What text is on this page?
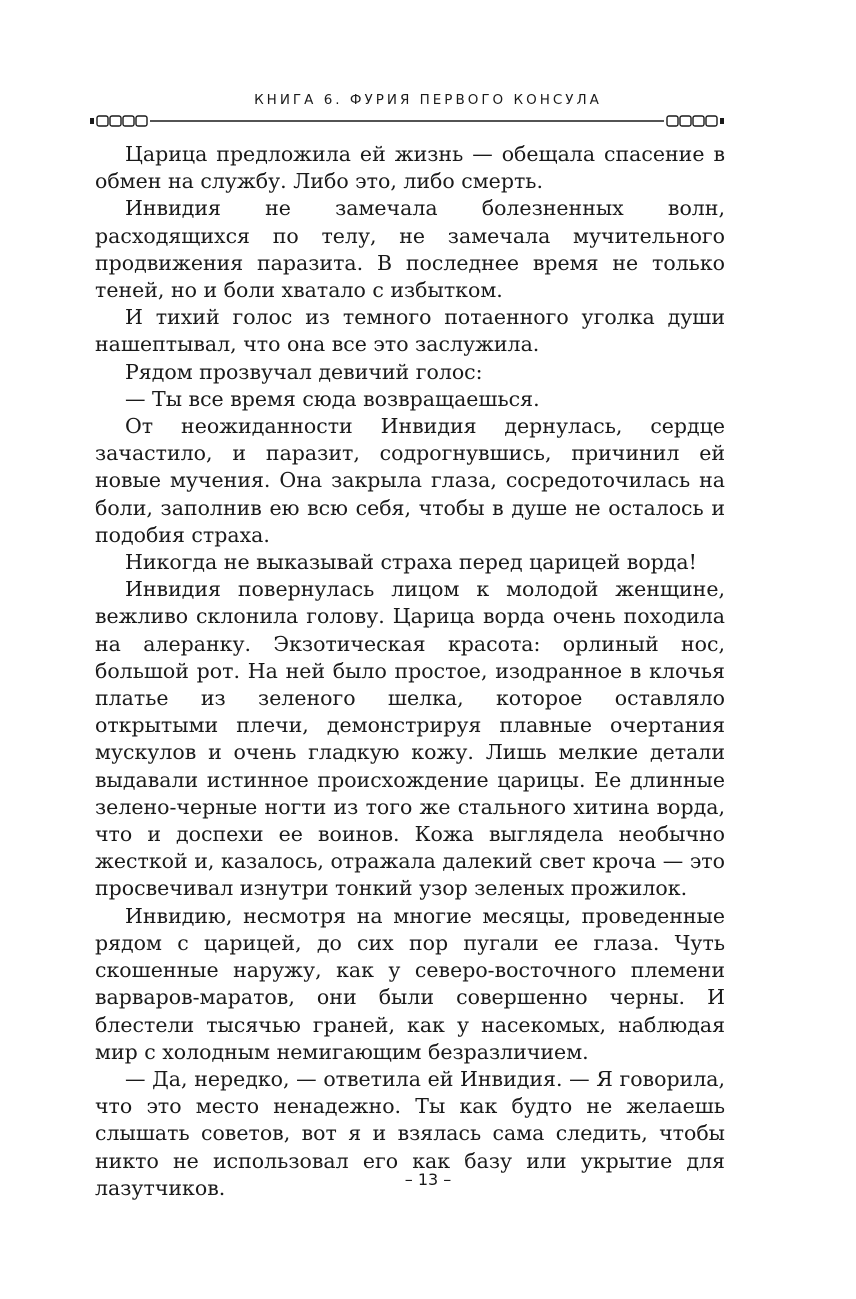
КНИГА 6. ФУРИЯ ПЕРВОГО КОНСУЛА

Царица предложила ей жизнь — обещала спасение в обмен на службу. Либо это, либо смерть.

Инвидия не замечала болезненных волн, расходящихся по телу, не замечала мучительного продвижения паразита. В последнее время не только теней, но и боли хватало с избытком.

И тихий голос из темного потаенного уголка души нашептывал, что она все это заслужила.

Рядом прозвучал девичий голос:

— Ты все время сюда возвращаешься.

От неожиданности Инвидия дернулась, сердце зачастило, и паразит, содрогнувшись, причинил ей новые мучения. Она закрыла глаза, сосредоточилась на боли, заполнив ею всю себя, чтобы в душе не осталось и подобия страха.

Никогда не выказывай страха перед царицей ворда!

Инвидия повернулась лицом к молодой женщине, вежливо склонила голову. Царица ворда очень походила на алеранку. Экзотическая красота: орлиный нос, большой рот. На ней было простое, изодранное в клочья платье из зеленого шелка, которое оставляло открытыми плечи, демонстрируя плавные очертания мускулов и очень гладкую кожу. Лишь мелкие детали выдавали истинное происхождение царицы. Ее длинные зелено-черные ногти из того же стального хитина ворда, что и доспехи ее воинов. Кожа выглядела необычно жесткой и, казалось, отражала далекий свет кроча — это просвечивал изнутри тонкий узор зеленых прожилок.

Инвидию, несмотря на многие месяцы, проведенные рядом с царицей, до сих пор пугали ее глаза. Чуть скошенные наружу, как у северо-восточного племени варваров-маратов, они были совершенно черны. И блестели тысячью граней, как у насекомых, наблюдая мир с холодным немигающим безразличием.

— Да, нередко, — ответила ей Инвидия. — Я говорила, что это место ненадежно. Ты как будто не желаешь слышать советов, вот я и взялась сама следить, чтобы никто не использовал его как базу или укрытие для лазутчиков.	– 13 –
